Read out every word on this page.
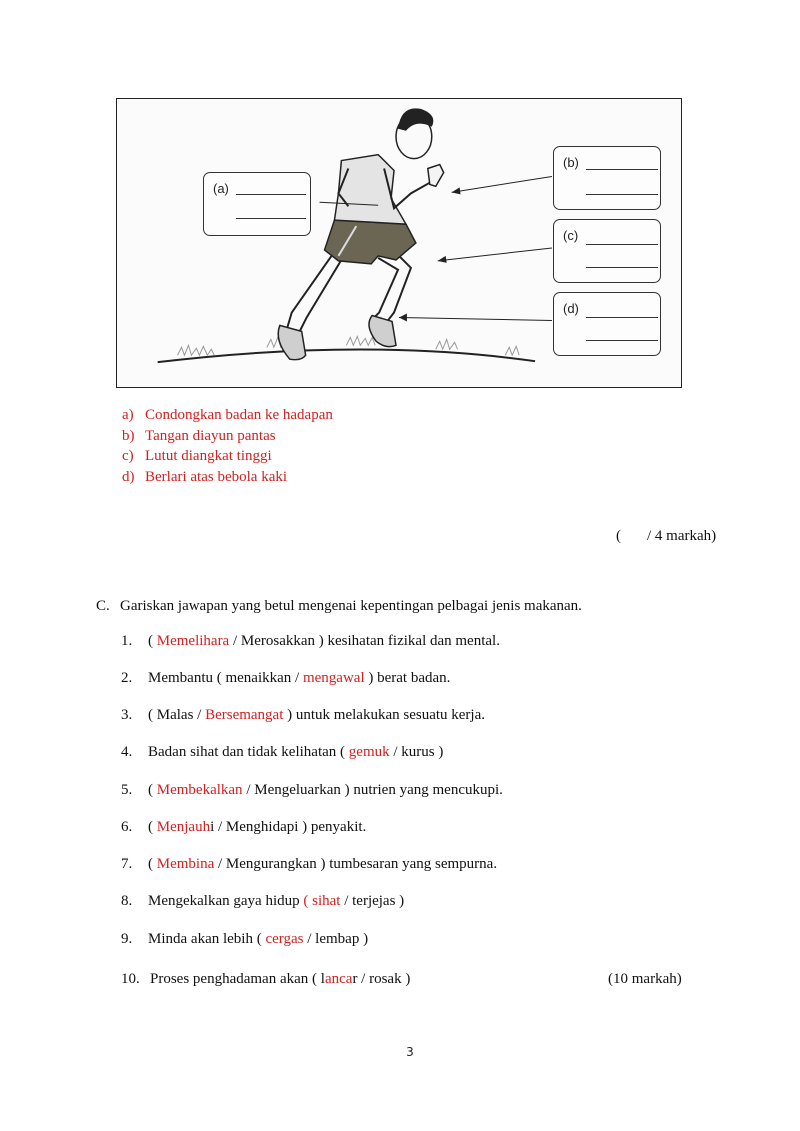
(a)
(b)
(c)
(d)
a) Condongkan badan ke hadapan
b) Tangan diayun pantas
c) Lutut diangkat tinggi
d) Berlari atas bebola kaki
( / 4 markah)
C. Gariskan jawapan yang betul mengenai kepentingan pelbagai jenis makanan.
1. ( Memelihara / Merosakkan ) kesihatan fizikal dan mental.
2. Membantu ( menaikkan / mengawal ) berat badan.
3. ( Malas / Bersemangat ) untuk melakukan sesuatu kerja.
4. Badan sihat dan tidak kelihatan ( gemuk / kurus )
5. ( Membekalkan / Mengeluarkan ) nutrien yang mencukupi.
6. ( Menjauhi / Menghidapi ) penyakit.
7. ( Membina / Mengurangkan ) tumbesaran yang sempurna.
8. Mengekalkan gaya hidup ( sihat / terjejas )
9. Minda akan lebih ( cergas / lembap )
10. Proses penghadaman akan ( lancar / rosak )	(10 markah)
3
